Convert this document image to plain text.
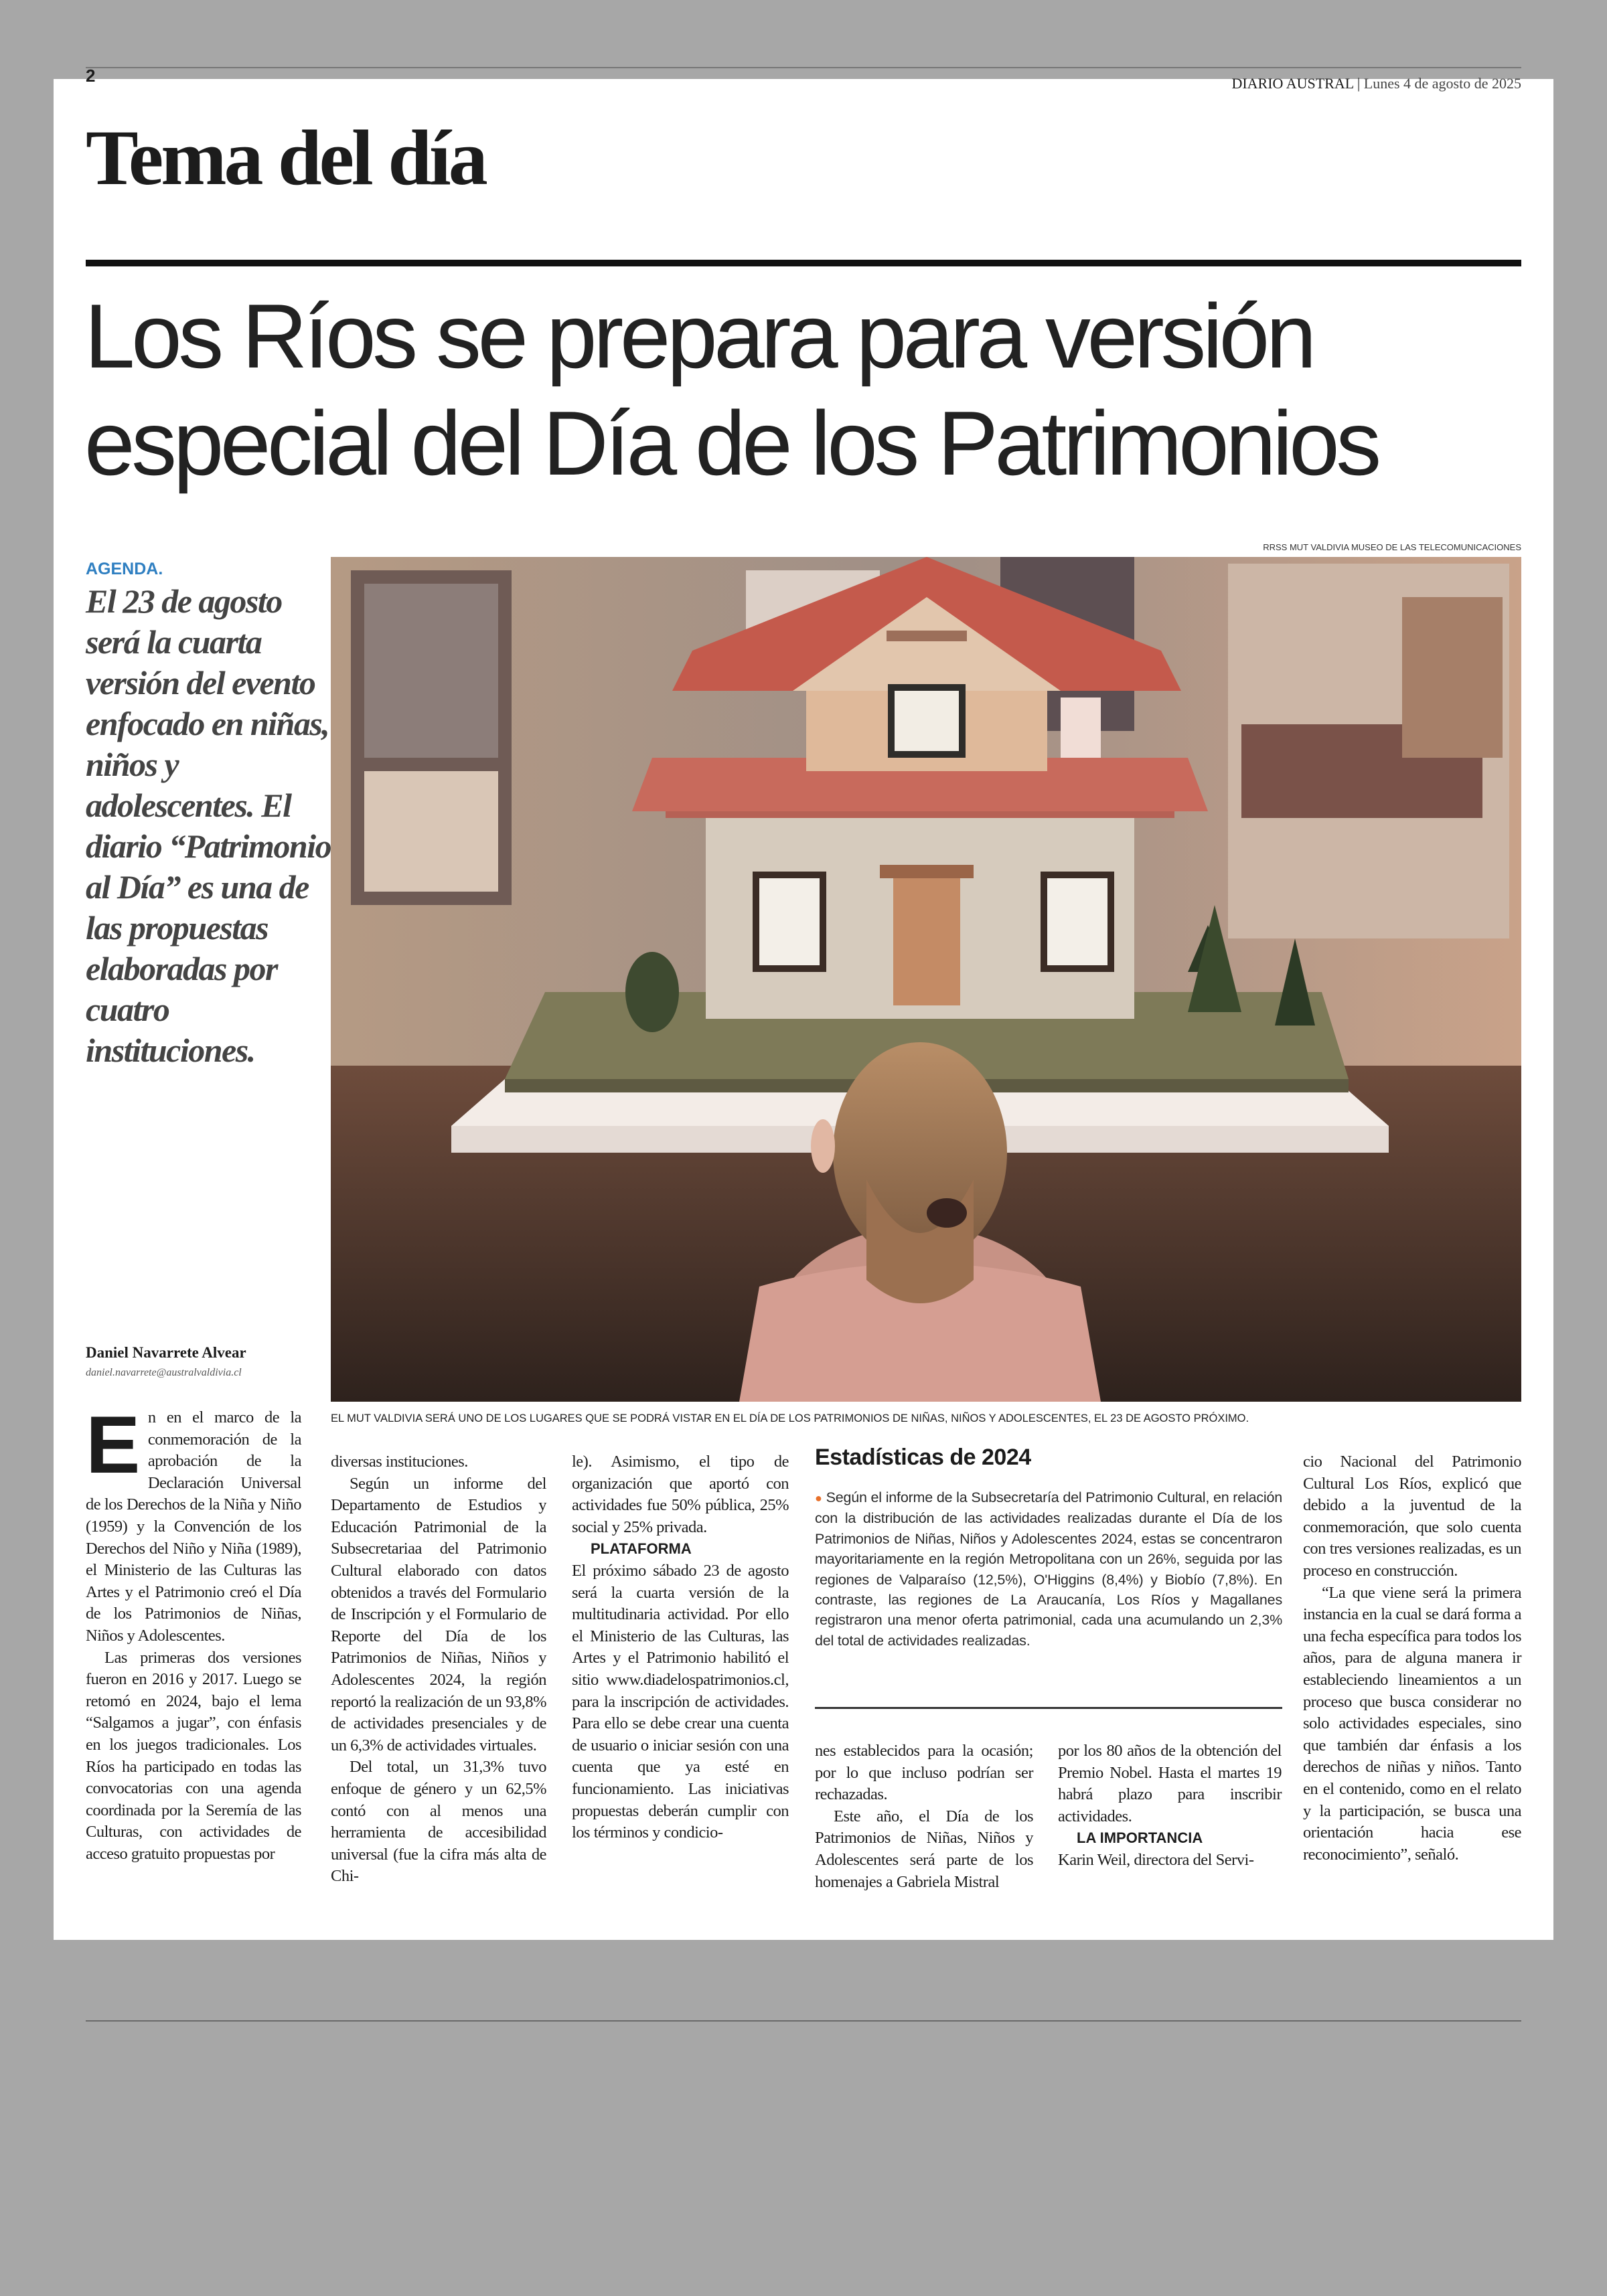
2	DIARIO AUSTRAL | Lunes 4 de agosto de 2025
Tema del día
Los Ríos se prepara para versión
especial del Día de los Patrimonios
AGENDA.
El 23 de agosto será la cuarta versión del evento enfocado en niñas, niños y adolescentes. El diario “Patrimonio al Día” es una de las propuestas elaboradas por cuatro instituciones.
Daniel Navarrete Alvear
daniel.navarrete@australvaldivia.cl
RRSS MUT VALDIVIA MUSEO DE LAS TELECOMUNICACIONES
EL MUT VALDIVIA SERÁ UNO DE LOS LUGARES QUE SE PODRÁ VISTAR EN EL DÍA DE LOS PATRIMONIOS DE NIÑAS, NIÑOS Y ADOLESCENTES, EL 23 DE AGOSTO PRÓXIMO.
E n en el marco de la conmemoración de la aprobación de la Declaración Universal de los Derechos de la Niña y Niño (1959) y la Convención de los Derechos del Niño y Niña (1989), el Ministerio de las Culturas las Artes y el Patrimonio creó el Día de los Patrimonios de Niñas, Niños y Adolescentes.

Las primeras dos versiones fueron en 2016 y 2017. Luego se retomó en 2024, bajo el lema “Salgamos a jugar”, con énfasis en los juegos tradicionales. Los Ríos ha participado en todas las convocatorias con una agenda coordinada por la Seremía de las Culturas, con actividades de acceso gratuito propuestas por

diversas instituciones.

Según un informe del Departamento de Estudios y Educación Patrimonial de la Subsecretariaa del Patrimonio Cultural elaborado con datos obtenidos a través del Formulario de Inscripción y el Formulario de Reporte del Día de los Patrimonios de Niñas, Niños y Adolescentes 2024, la región reportó la realización de un 93,8% de actividades presenciales y de un 6,3% de actividades virtuales.

Del total, un 31,3% tuvo enfoque de género y un 62,5% contó con al menos una herramienta de accesibilidad universal (fue la cifra más alta de Chi-

le). Asimismo, el tipo de organización que aportó con actividades fue 50% pública, 25% social y 25% privada.

PLATAFORMA

El próximo sábado 23 de agosto será la cuarta versión de la multitudinaria actividad. Por ello el Ministerio de las Culturas, las Artes y el Patrimonio habilitó el sitio www.diadelospatrimonios.cl, para la inscripción de actividades. Para ello se debe crear una cuenta de usuario o iniciar sesión con una cuenta que ya esté en funcionamiento. Las iniciativas propuestas deberán cumplir con los términos y condicio-

Estadísticas de 2024
● Según el informe de la Subsecretaría del Patrimonio Cultural, en relación con la distribución de las actividades realizadas durante el Día de los Patrimonios de Niñas, Niños y Adolescentes 2024, estas se concentraron mayoritariamente en la región Metropolitana con un 26%, seguida por las regiones de Valparaíso (12,5%), O'Higgins (8,4%) y Biobío (7,8%). En contraste, las regiones de La Araucanía, Los Ríos y Magallanes registraron una menor oferta patrimonial, cada una acumulando un 2,3% del total de actividades realizadas.

nes establecidos para la ocasión; por lo que incluso podrían ser rechazadas.

Este año, el Día de los Patrimonios de Niñas, Niños y Adolescentes será parte de los homenajes a Gabriela Mistral

por los 80 años de la obtención del Premio Nobel. Hasta el martes 19 habrá plazo para inscribir actividades.

LA IMPORTANCIA

Karin Weil, directora del Servi-

cio Nacional del Patrimonio Cultural Los Ríos, explicó que debido a la juventud de la conmemoración, que solo cuenta con tres versiones realizadas, es un proceso en construcción.

“La que viene será la primera instancia en la cual se dará forma a una fecha específica para todos los años, para de alguna manera ir estableciendo lineamientos a un proceso que busca considerar no solo actividades especiales, sino que también dar énfasis a los derechos de niñas y niños. Tanto en el contenido, como en el relato y la participación, se busca una orientación hacia ese reconocimiento”, señaló.
